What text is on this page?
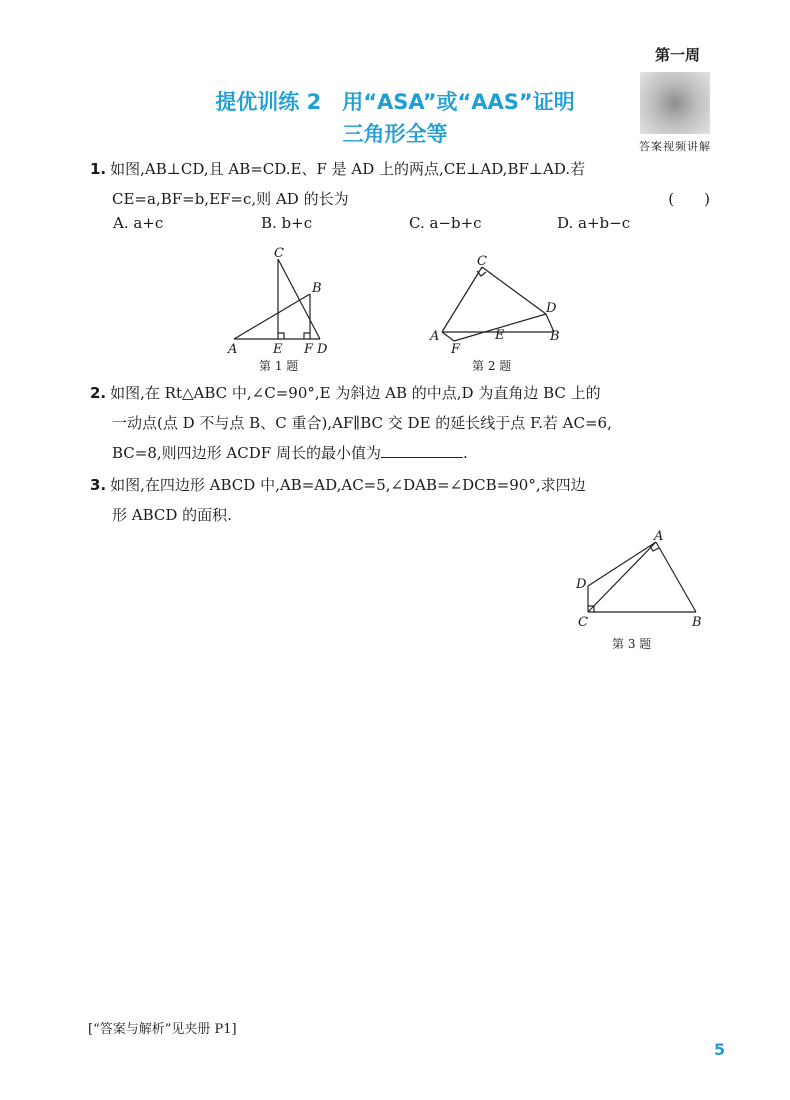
第一周
答案视频讲解
提优训练 2　用“ASA”或“AAS”证明
三角形全等
1. 如图,AB⊥CD,且 AB=CD.E、F 是 AD 上的两点,CE⊥AD,BF⊥AD.若
CE=a,BF=b,EF=c,则 AD 的长为	(　　)
A. a+c	B. b+c	C. a−b+c	D. a+b−c
C
B
A	E F D
第 1 题
C
D
A	E	B
F
第 2 题
2. 如图,在 Rt△ABC 中,∠C=90°,E 为斜边 AB 的中点,D 为直角边 BC 上的
一动点(点 D 不与点 B、C 重合),AF∥BC 交 DE 的延长线于点 F.若 AC=6,
BC=8,则四边形 ACDF 周长的最小值为	.
3. 如图,在四边形 ABCD 中,AB=AD,AC=5,∠DAB=∠DCB=90°,求四边
形 ABCD 的面积.
A
D
C	B
第 3 题
[“答案与解析”见夹册 P1]
5
